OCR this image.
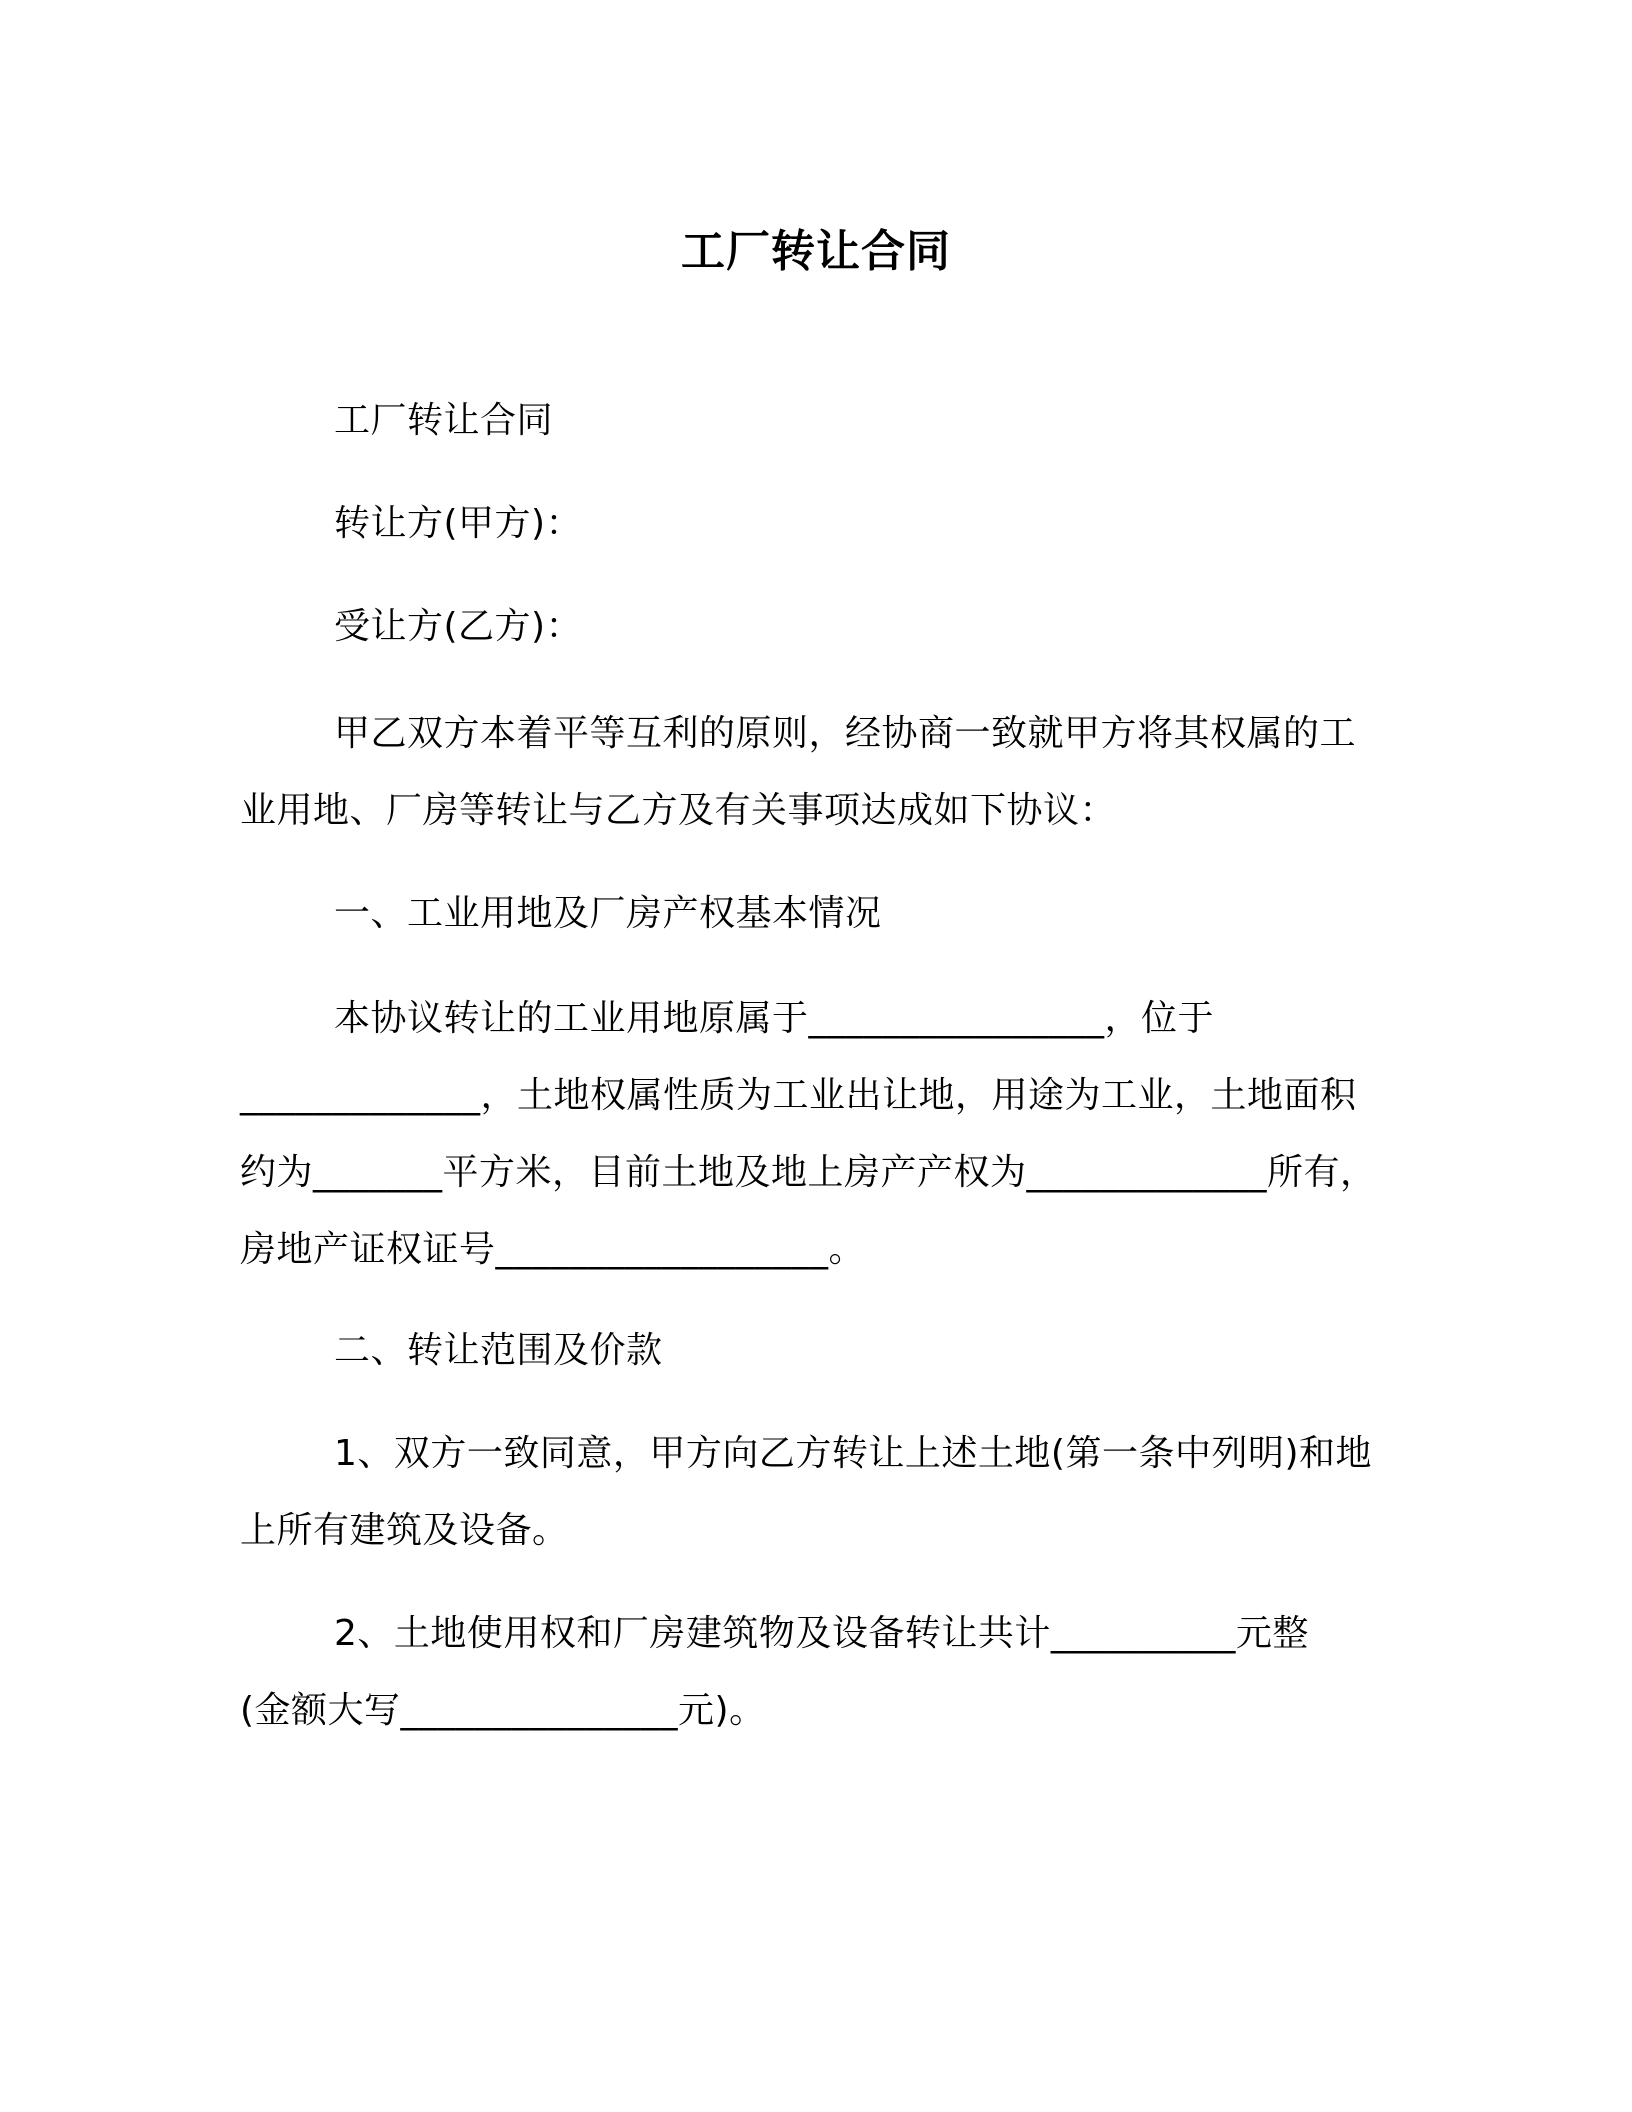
工厂转让合同

工厂转让合同

转让方(甲方)：

受让方(乙方)：

甲乙双方本着平等互利的原则，经协商一致就甲方将其权属的工
业用地、厂房等转让与乙方及有关事项达成如下协议：

一、工业用地及厂房产权基本情况

本协议转让的工业用地原属于________________，位于
_____________，土地权属性质为工业出让地，用途为工业，土地面积
约为_______平方米，目前土地及地上房产产权为_____________所有，
房地产证权证号__________________。

二、转让范围及价款

1、双方一致同意，甲方向乙方转让上述土地(第一条中列明)和地
上所有建筑及设备。

2、土地使用权和厂房建筑物及设备转让共计__________元整
(金额大写_______________元)。
